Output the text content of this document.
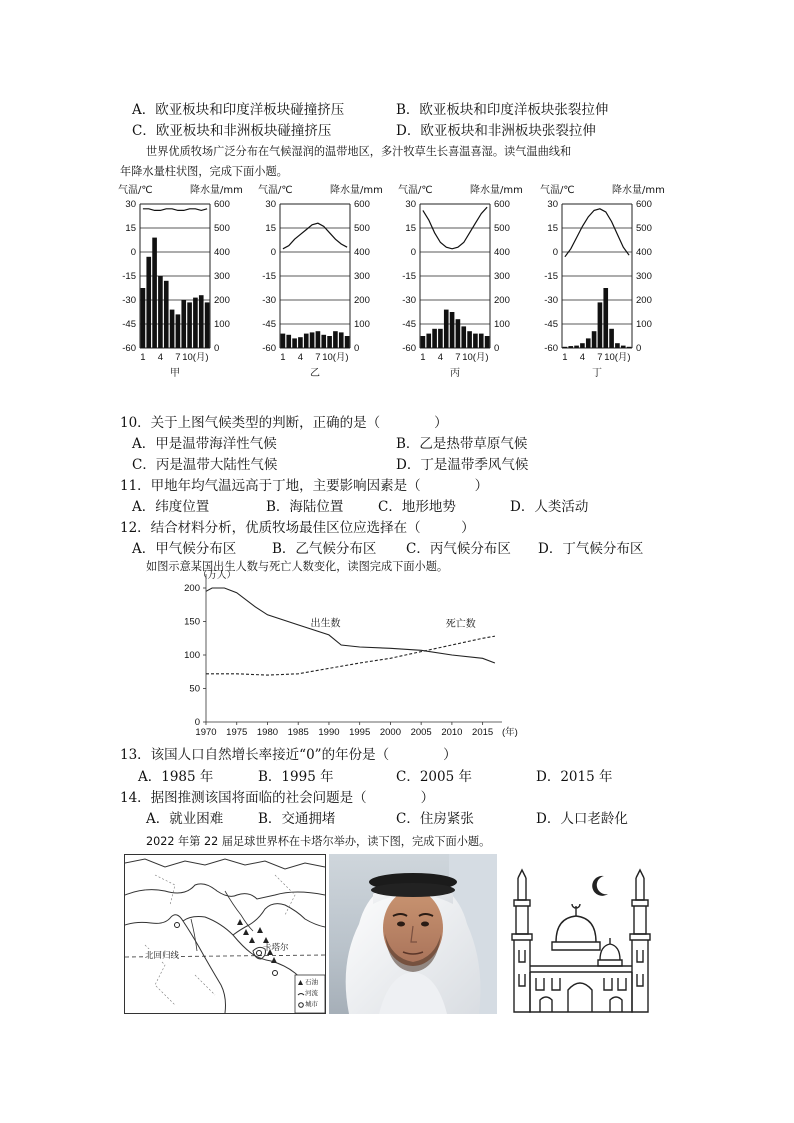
A．欧亚板块和印度洋板块碰撞挤压	B．欧亚板块和印度洋板块张裂拉伸
C．欧亚板块和非洲板块碰撞挤压	D．欧亚板块和非洲板块张裂拉伸
世界优质牧场广泛分布在气候湿润的温带地区，多汁牧草生长喜温喜湿。读气温曲线和
年降水量柱状图，完成下面小题。
气温/℃	降水量/mm
30	600
15	500
0	400
-15	300
-30	200
-45	100
-60	0
1 4 7 10(月)
甲
气温/℃	降水量/mm
30	600
15	500
0	400
-15	300
-30	200
-45	100
-60	0
1 4 7 10(月)
乙
气温/℃	降水量/mm
30	600
15	500
0	400
-15	300
-30	200
-45	100
-60	0
1 4 7 10(月)
丙
气温/℃	降水量/mm
30	600
15	500
0	400
-15	300
-30	200
-45	100
-60	0
1 4 7 10(月)
丁
10．关于上图气候类型的判断，正确的是（　　　　）
A．甲是温带海洋性气候	B．乙是热带草原气候
C．丙是温带大陆性气候	D．丁是温带季风气候
11．甲地年均气温远高于丁地，主要影响因素是（　　　　）
A．纬度位置	B．海陆位置	C．地形地势	D．人类活动
12．结合材料分析，优质牧场最佳区位应选择在（　　　）
A．甲气候分布区	B．乙气候分布区 C．丙气候分布区 D．丁气候分布区
如图示意某国出生人数与死亡人数变化，读图完成下面小题。
（万人）
0
50
100
150
200
1970 1975 1980 1985 1990 1995 2000 2005 2010 2015 (年)
出生数	死亡数
13．该国人口自然增长率接近“0”的年份是（　　　　）
A．1985 年	B．1995 年	C．2005 年	D．2015 年
14．据图推测该国将面临的社会问题是（　　　　）
A．就业困难	B．交通拥堵	C．住房紧张	D．人口老龄化
2022 年第 22 届足球世界杯在卡塔尔举办，读下图，完成下面小题。
北回归线
卡塔尔
石油
河流
城市
